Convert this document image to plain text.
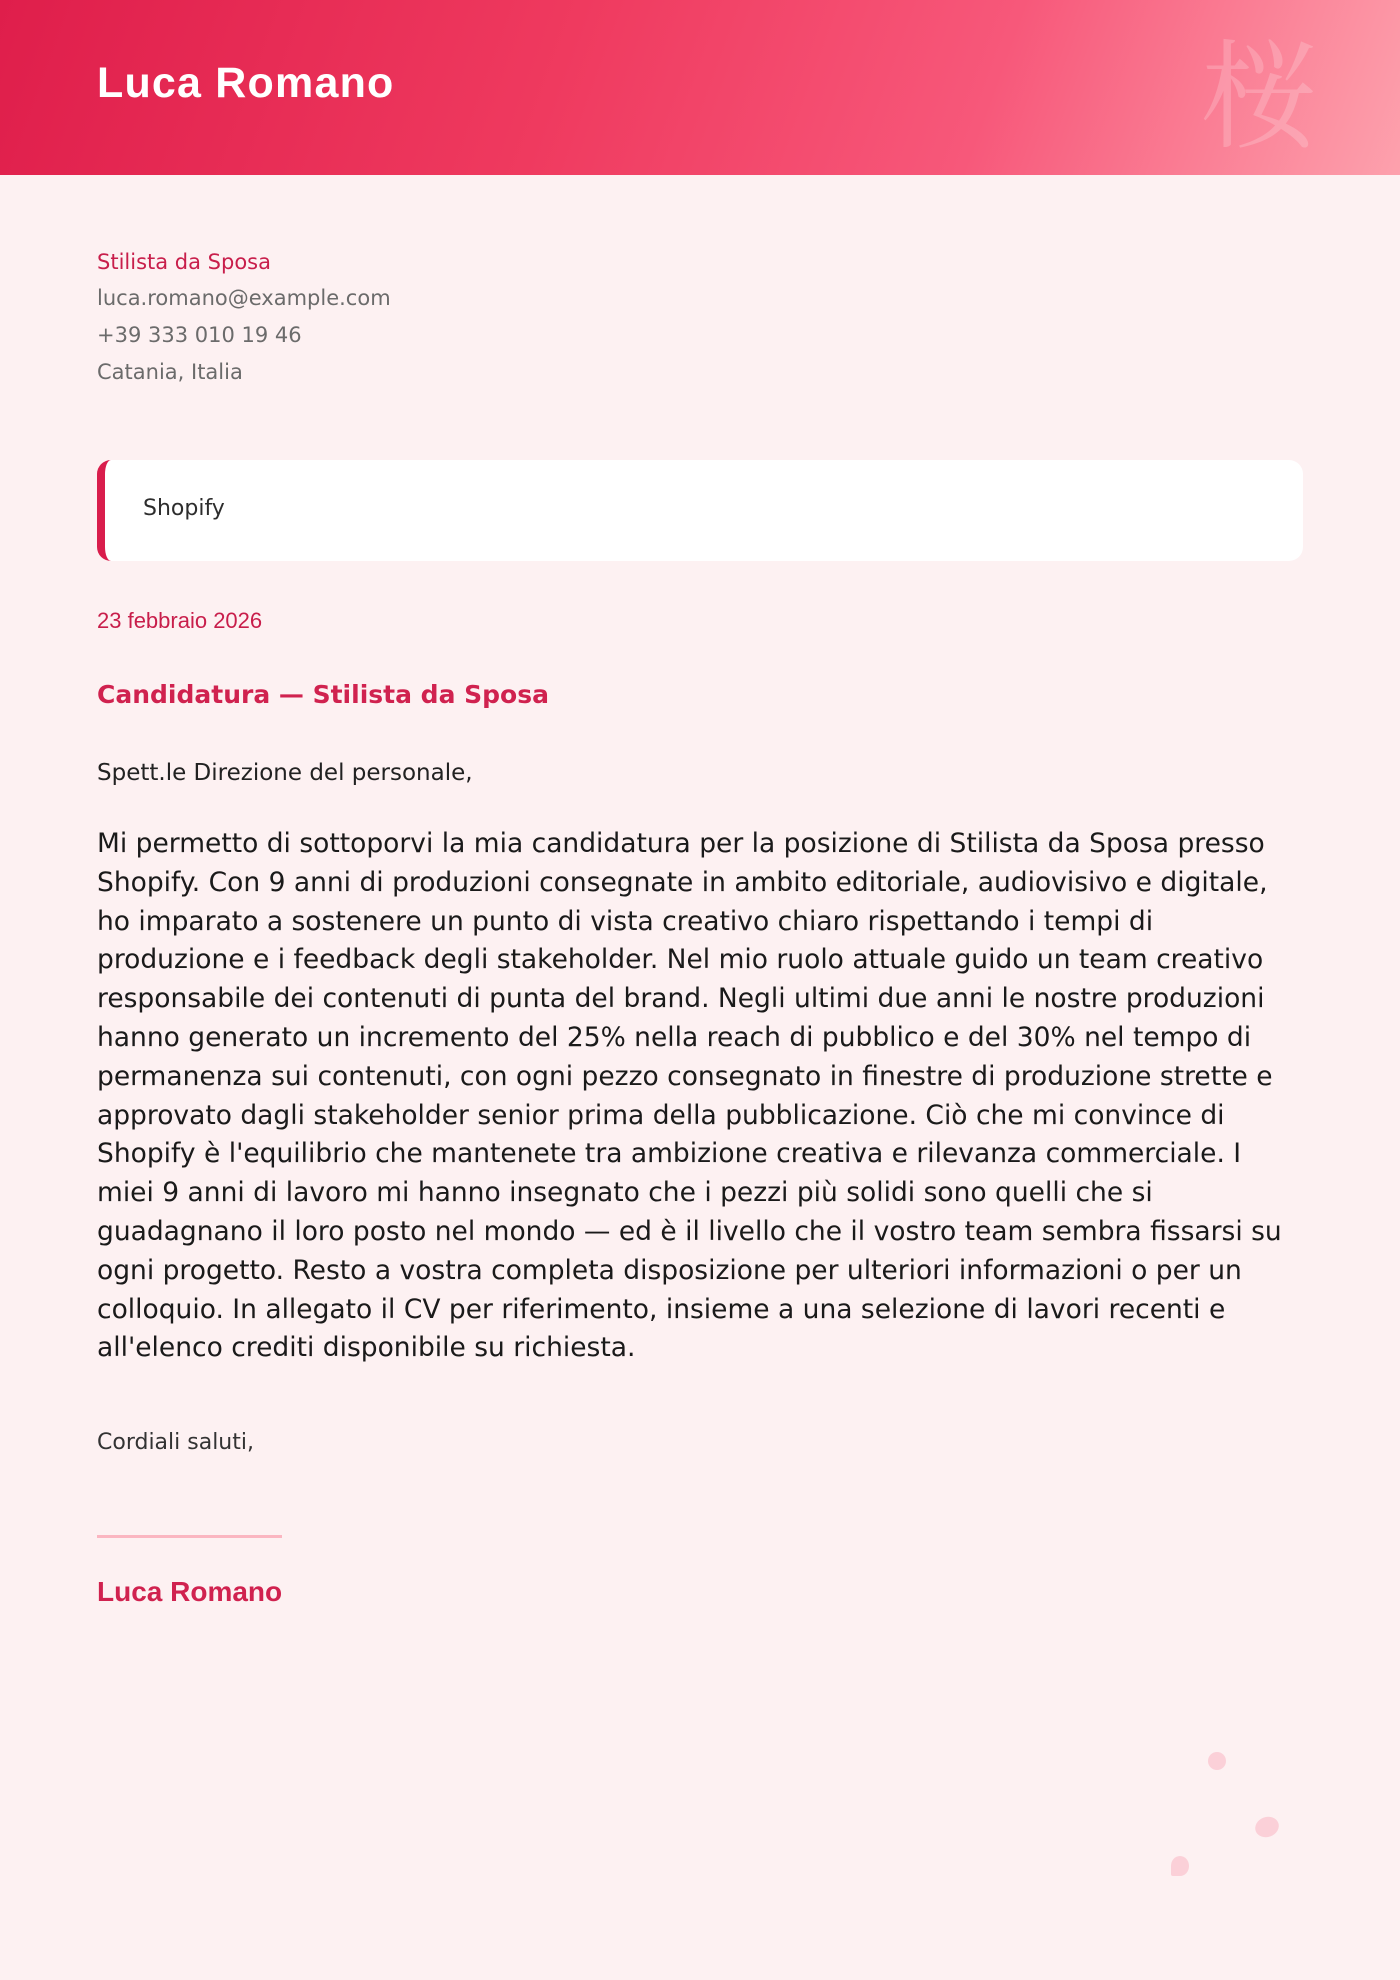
Luca Romano	桜
Stilista da Sposa
luca.romano@example.com
+39 333 010 19 46
Catania, Italia
Shopify
23 febbraio 2026
Candidatura — Stilista da Sposa
Spett.le Direzione del personale,
Mi permetto di sottoporvi la mia candidatura per la posizione di Stilista da Sposa presso Shopify. Con 9 anni di produzioni consegnate in ambito editoriale, audiovisivo e digitale, ho imparato a sostenere un punto di vista creativo chiaro rispettando i tempi di produzione e i feedback degli stakeholder. Nel mio ruolo attuale guido un team creativo responsabile dei contenuti di punta del brand. Negli ultimi due anni le nostre produzioni hanno generato un incremento del 25% nella reach di pubblico e del 30% nel tempo di permanenza sui contenuti, con ogni pezzo consegnato in finestre di produzione strette e approvato dagli stakeholder senior prima della pubblicazione. Ciò che mi convince di Shopify è l'equilibrio che mantenete tra ambizione creativa e rilevanza commerciale. I miei 9 anni di lavoro mi hanno insegnato che i pezzi più solidi sono quelli che si guadagnano il loro posto nel mondo — ed è il livello che il vostro team sembra fissarsi su ogni progetto. Resto a vostra completa disposizione per ulteriori informazioni o per un colloquio. In allegato il CV per riferimento, insieme a una selezione di lavori recenti e all'elenco crediti disponibile su richiesta.
Cordiali saluti,
Luca Romano
